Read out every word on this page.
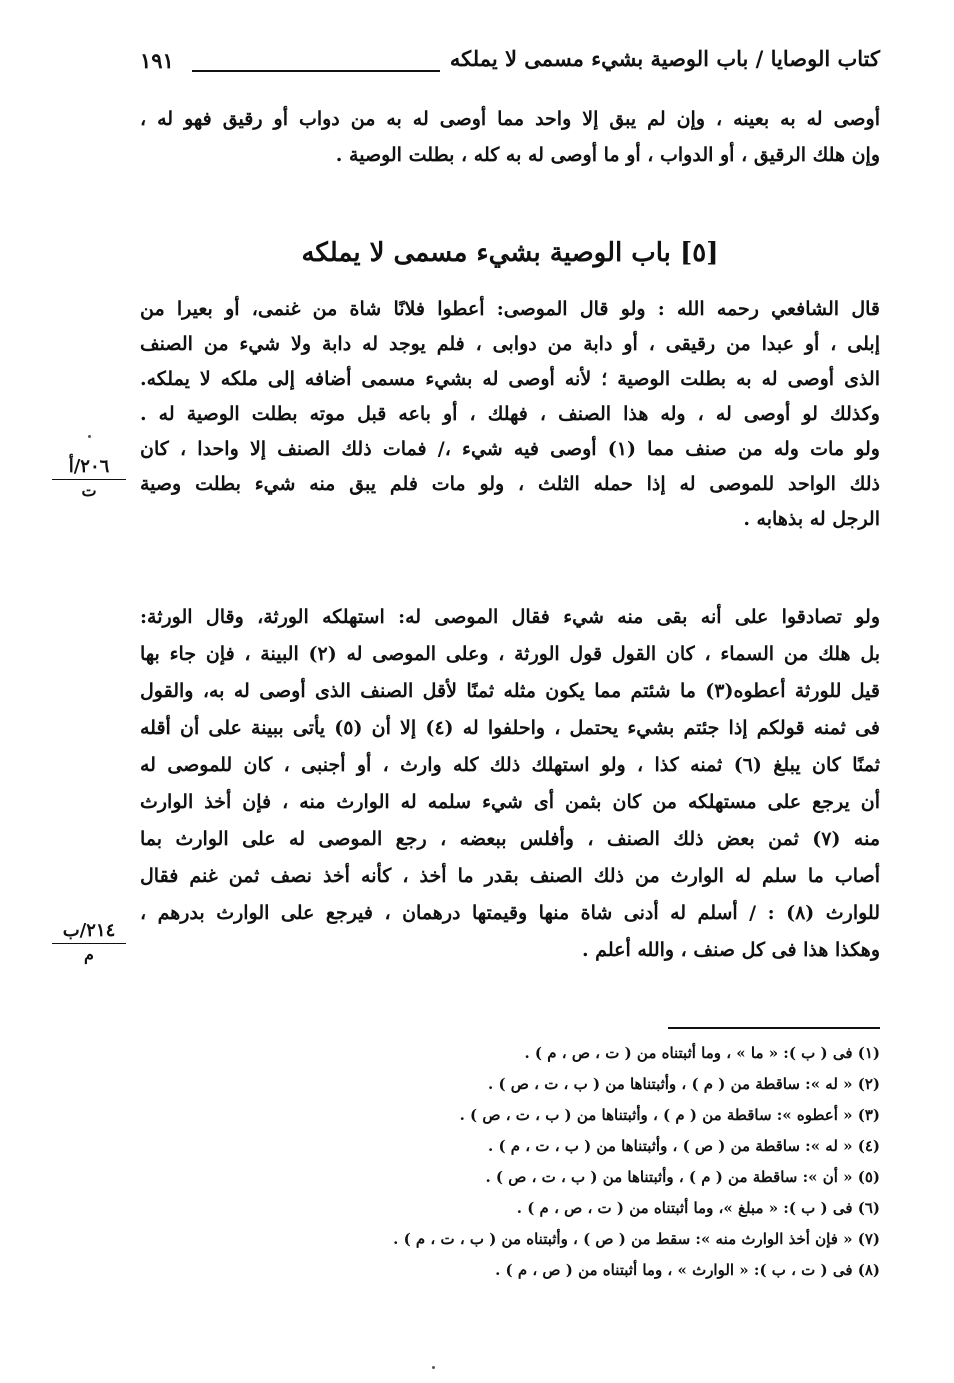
كتاب الوصايا / باب الوصية بشيء مسمى لا يملكه
١٩١
أوصى له به بعينه ، وإن لم يبق إلا واحد مما أوصى له به من دواب أو رقيق فهو له ،
وإن هلك الرقيق ، أو الدواب ، أو ما أوصى له به كله ، بطلت الوصية .
[٥] باب الوصية بشيء مسمى لا يملكه
قال الشافعي رحمه الله : ولو قال الموصى: أعطوا فلانًا شاة من غنمى، أو بعيرا من
إبلى ، أو عبدا من رقيقى ، أو دابة من دوابى ، فلم يوجد له دابة ولا شيء من الصنف
الذى أوصى له به بطلت الوصية ؛ لأنه أوصى له بشيء مسمى أضافه إلى ملكه لا يملكه.
وكذلك لو أوصى له ، وله هذا الصنف ، فهلك ، أو باعه قبل موته بطلت الوصية له .
ولو مات وله من صنف مما (١) أوصى فيه شيء ،/ فمات ذلك الصنف إلا واحدا ، كان
ذلك الواحد للموصى له إذا حمله الثلث ، ولو مات فلم يبق منه شيء بطلت وصية
الرجل له بذهابه .
ولو تصادقوا على أنه بقى منه شيء فقال الموصى له: استهلكه الورثة، وقال الورثة:
بل هلك من السماء ، كان القول قول الورثة ، وعلى الموصى له (٢) البينة ، فإن جاء بها
قيل للورثة أعطوه(٣) ما شئتم مما يكون مثله ثمنًا لأقل الصنف الذى أوصى له به، والقول
فى ثمنه قولكم إذا جئتم بشيء يحتمل ، واحلفوا له (٤) إلا أن (٥) يأتى ببينة على أن أقله
ثمنًا كان يبلغ (٦) ثمنه كذا ، ولو استهلك ذلك كله وارث ، أو أجنبى ، كان للموصى له
أن يرجع على مستهلكه من كان بثمن أى شيء سلمه له الوارث منه ، فإن أخذ الوارث
منه (٧) ثمن بعض ذلك الصنف ، وأفلس ببعضه ، رجع الموصى له على الوارث بما
أصاب ما سلم له الوارث من ذلك الصنف بقدر ما أخذ ، كأنه أخذ نصف ثمن غنم فقال
للوارث (٨) : / أسلم له أدنى شاة منها وقيمتها درهمان ، فيرجع على الوارث بدرهم ،
وهكذا هذا فى كل صنف ، والله أعلم .
٢٠٦/أ
ت
٢١٤/ب
م
(١) فى ( ب ): « ما » ، وما أثبتناه من ( ت ، ص ، م ) .
(٢) « له »: ساقطة من ( م ) ، وأثبتناها من ( ب ، ت ، ص ) .
(٣) « أعطوه »: ساقطة من ( م ) ، وأثبتناها من ( ب ، ت ، ص ) .
(٤) « له »: ساقطة من ( ص ) ، وأثبتناها من ( ب ، ت ، م ) .
(٥) « أن »: ساقطة من ( م ) ، وأثبتناها من ( ب ، ت ، ص ) .
(٦) فى ( ب ): « مبلغ »، وما أثبتناه من ( ت ، ص ، م ) .
(٧) « فإن أخذ الوارث منه »: سقط من ( ص ) ، وأثبتناه من ( ب ، ت ، م ) .
(٨) فى ( ت ، ب ): « الوارث » ، وما أثبتناه من ( ص ، م ) .
